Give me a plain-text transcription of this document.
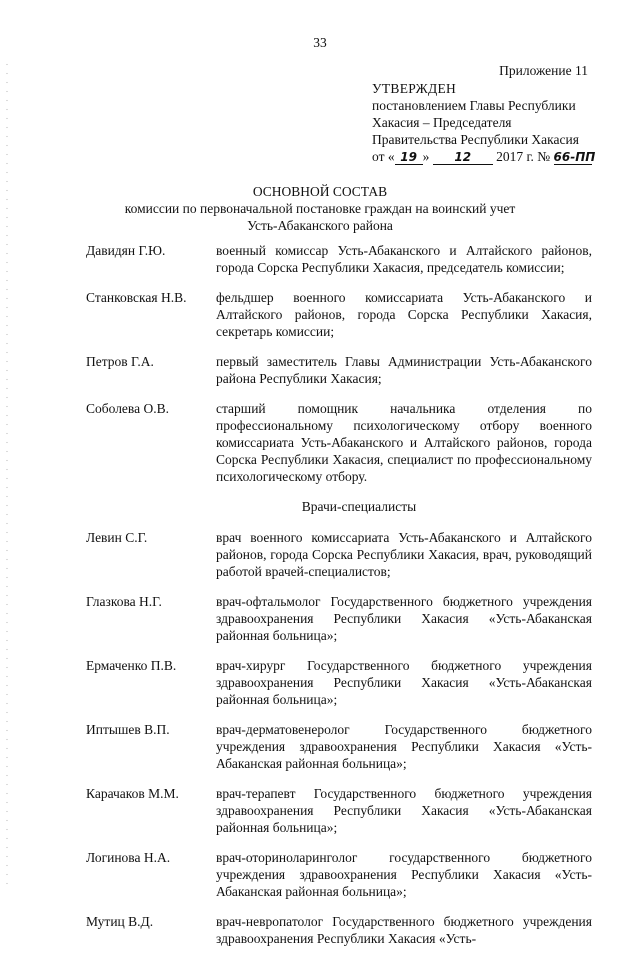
33
Приложение 11
УТВЕРЖДЕН
постановлением Главы Республики
Хакасия – Председателя
Правительства Республики Хакасия
от « 19 » 12 2017 г. № 66-ПП
ОСНОВНОЙ СОСТАВ
комиссии по первоначальной постановке граждан на воинский учет
Усть-Абаканского района
Давидян Г.Ю.	военный комиссар Усть-Абаканского и Алтайского районов, города Сорска Республики Хакасия, председатель комиссии;
Станковская Н.В.	фельдшер военного комиссариата Усть-Абаканского и Алтайского районов, города Сорска Республики Хакасия, секретарь комиссии;
Петров Г.А.	первый заместитель Главы Администрации Усть-Абаканского района Республики Хакасия;
Соболева О.В.	старший помощник начальника отделения по профессиональному психологическому отбору военного комиссариата Усть-Абаканского и Алтайского районов, города Сорска Республики Хакасия, специалист по профессиональному психологическому отбору.
Врачи-специалисты
Левин С.Г.	врач военного комиссариата Усть-Абаканского и Алтайского районов, города Сорска Республики Хакасия, врач, руководящий работой врачей-специалистов;
Глазкова Н.Г.	врач-офтальмолог Государственного бюджетного учреждения здравоохранения Республики Хакасия «Усть-Абаканская районная больница»;
Ермаченко П.В.	врач-хирург Государственного бюджетного учреждения здравоохранения Республики Хакасия «Усть-Абаканская районная больница»;
Иптышев В.П.	врач-дерматовенеролог Государственного бюджетного учреждения здравоохранения Республики Хакасия «Усть-Абаканская районная больница»;
Карачаков М.М.	врач-терапевт Государственного бюджетного учреждения здравоохранения Республики Хакасия «Усть-Абаканская районная больница»;
Логинова Н.А.	врач-оториноларинголог государственного бюджетного учреждения здравоохранения Республики Хакасия «Усть-Абаканская районная больница»;
Мутиц В.Д.	врач-невропатолог Государственного бюджетного учреждения здравоохранения Республики Хакасия «Усть-
